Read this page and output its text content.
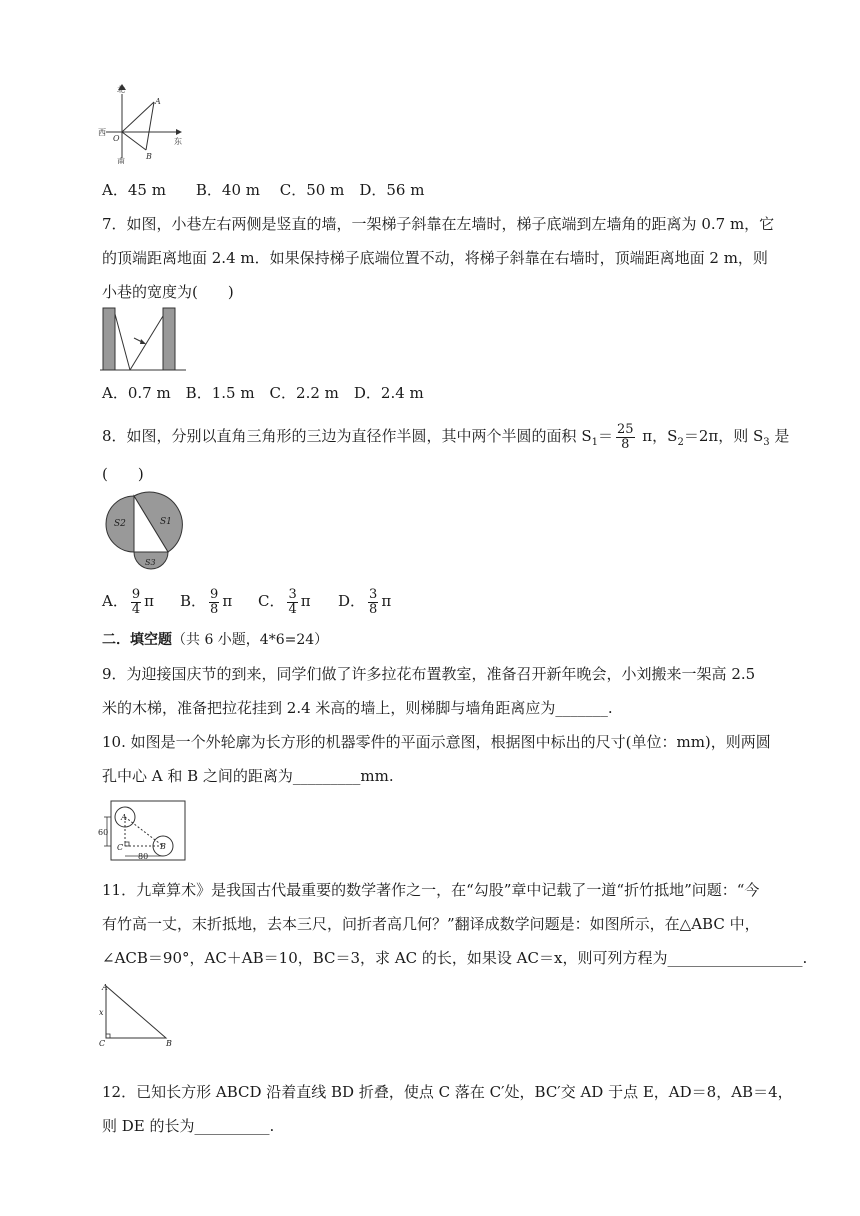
北
南
西
东
O
A
B
A．45 m　　B．40 m　 C．50 m　D．56 m
7．如图，小巷左右两侧是竖直的墙，一架梯子斜靠在左墙时，梯子底端到左墙角的距离为 0.7 m，它
的顶端距离地面 2.4 m．如果保持梯子底端位置不动，将梯子斜靠在右墙时，顶端距离地面 2 m，则
小巷的宽度为(　　)
A．0.7 m　B．1.5 m　C．2.2 m　D．2.4 m
8．如图，分别以直角三角形的三边为直径作半圆，其中两个半圆的面积 $S_1= \frac{25}{8}$ π，$S_2=2\pi$，则 $S_3$ 是
(　　)
S2	S1
S3
A． $\frac{9}{4}$ π B． $\frac{9}{8}$ π C． $\frac{3}{4}$ π D． $\frac{3}{8}$ π
二．填空题（共 6 小题，4*6=24）
9．为迎接国庆节的到来，同学们做了许多拉花布置教室，准备召开新年晚会，小刘搬来一架高 2.5
米的木梯，准备把拉花挂到 2.4 米高的墙上，则梯脚与墙角距离应为_______.
10. 如图是一个外轮廓为长方形的机器零件的平面示意图，根据图中标出的尺寸(单位：mm)，则两圆
孔中心 A 和 B 之间的距离为_________mm.
A
B
C
60
80
11．九章算术》是我国古代最重要的数学著作之一，在“勾股”章中记载了一道“折竹抵地”问题：“今
有竹高一丈，末折抵地，去本三尺，问折者高几何？”翻译成数学问题是：如图所示，在△ABC 中，
∠ACB＝90°，AC＋AB＝10，BC＝3，求 AC 的长，如果设 AC＝x，则可列方程为__________________.
A
C	B
x
12．已知长方形 ABCD 沿着直线 BD 折叠，使点 C 落在 C′处，BC′交 AD 于点 E，AD＝8，AB＝4，
则 DE 的长为__________.
